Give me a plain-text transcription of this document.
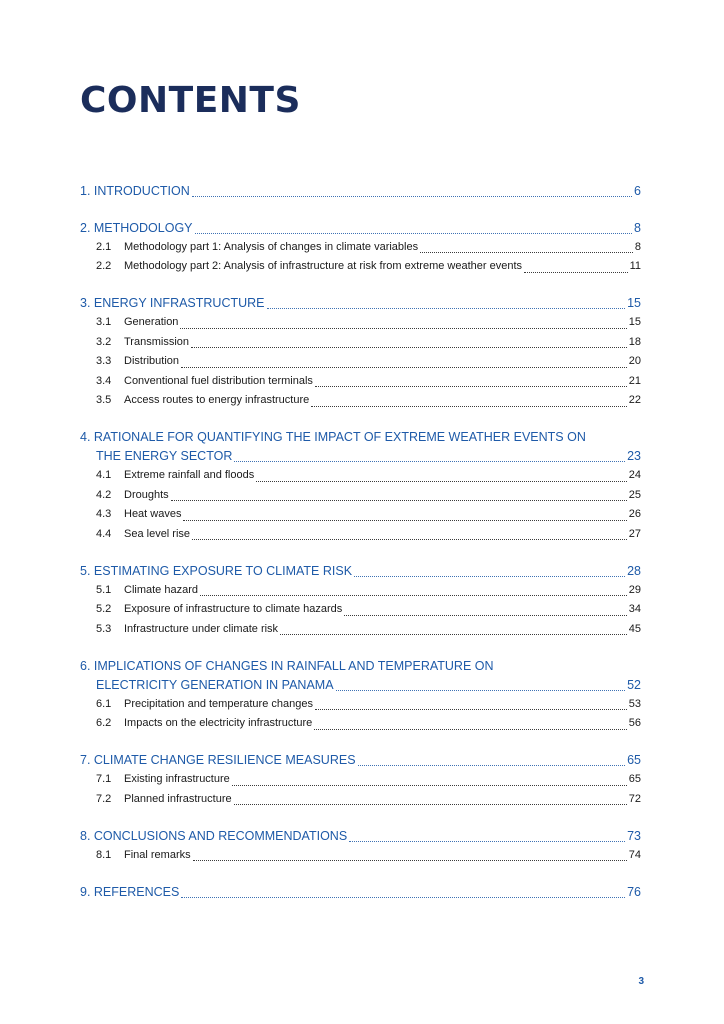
CONTENTS
1. INTRODUCTION	6
2. METHODOLOGY	8
2.1	Methodology part 1: Analysis of changes in climate variables	8
2.2	Methodology part 2: Analysis of infrastructure at risk from extreme weather events	11
3. ENERGY INFRASTRUCTURE	15
3.1	Generation	15
3.2	Transmission	18
3.3	Distribution	20
3.4	Conventional fuel distribution terminals	21
3.5	Access routes to energy infrastructure	22
4. RATIONALE FOR QUANTIFYING THE IMPACT OF EXTREME WEATHER EVENTS ON
THE ENERGY SECTOR	23
4.1	Extreme rainfall and floods	24
4.2	Droughts	25
4.3	Heat waves	26
4.4	Sea level rise	27
5. ESTIMATING EXPOSURE TO CLIMATE RISK	28
5.1	Climate hazard	29
5.2	Exposure of infrastructure to climate hazards	34
5.3	Infrastructure under climate risk	45
6. IMPLICATIONS OF CHANGES IN RAINFALL AND TEMPERATURE ON
ELECTRICITY GENERATION IN PANAMA	52
6.1	Precipitation and temperature changes	53
6.2	Impacts on the electricity infrastructure	56
7. CLIMATE CHANGE RESILIENCE MEASURES	65
7.1	Existing infrastructure	65
7.2	Planned infrastructure	72
8. CONCLUSIONS AND RECOMMENDATIONS	73
8.1	Final remarks	74
9. REFERENCES	76
3
